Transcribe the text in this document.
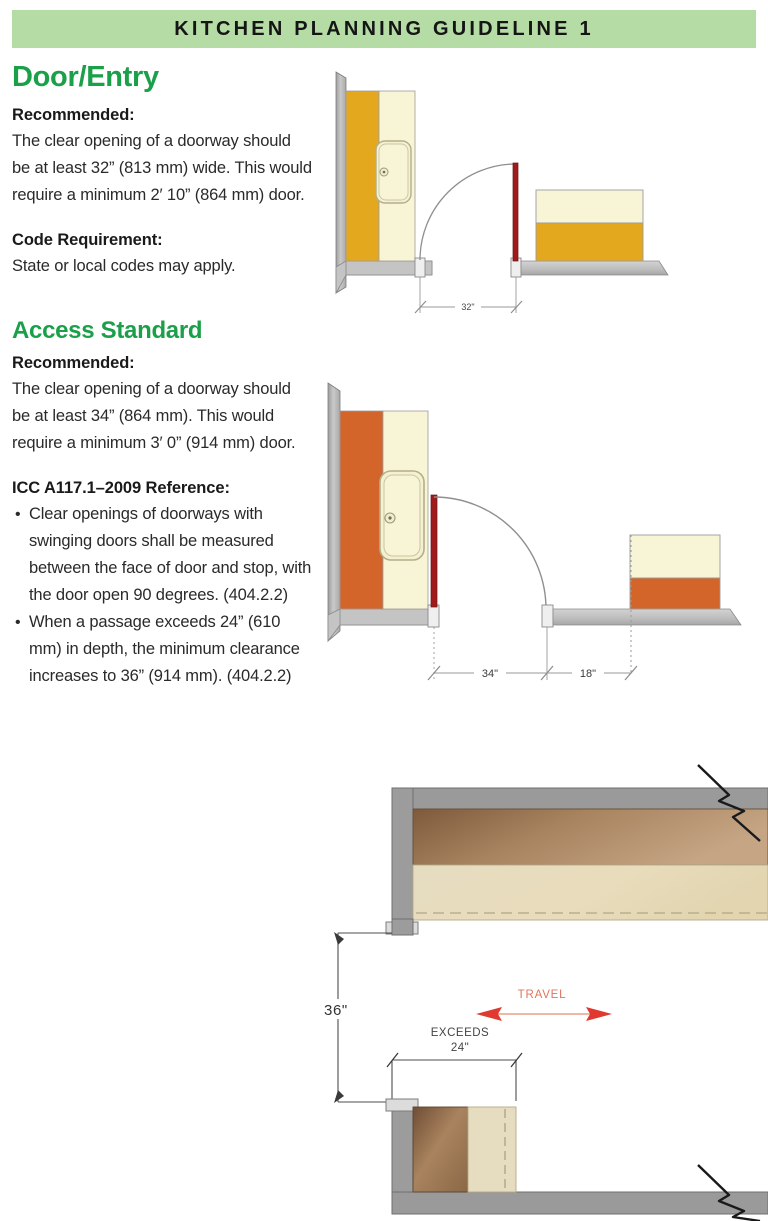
KITCHEN PLANNING GUIDELINE 1
Door/Entry
Recommended:

The clear opening of a doorway should be at least 32” (813 mm) wide. This would require a minimum 2′ 10” (864 mm) door.

Code Requirement:

State or local codes may apply.

Access Standard
Recommended:

The clear opening of a doorway should be at least 34” (864 mm). This would require a minimum 3′ 0” (914 mm) door.

ICC A117.1–2009 Reference:
• Clear openings of doorways with swinging doors shall be measured between the face of door and stop, with the door open 90 degrees. (404.2.2)
• When a passage exceeds 24” (610 mm) in depth, the minimum clearance increases to 36” (914 mm). (404.2.2)
32"
34"	18"
36"
TRAVEL
EXCEEDS
24"
